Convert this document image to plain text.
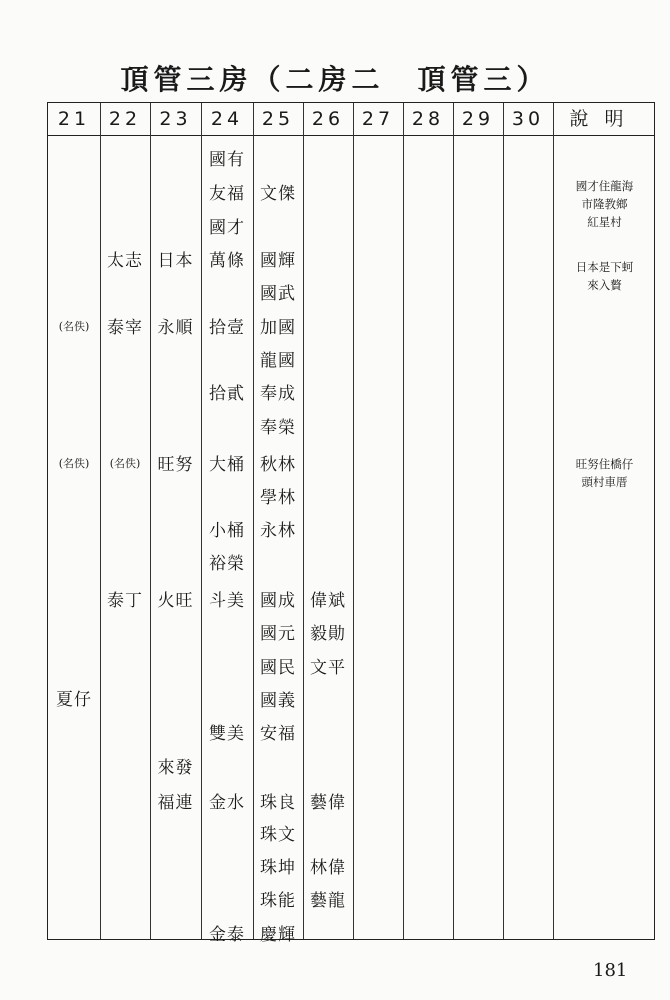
頂管三房（二房二　頂管三）
21 22 23	24 25 26 27 28 29 30	說明
(名佚)
(名佚)
夏仔
太志
泰宰
(名佚)
泰丁
日本
永順
旺努
火旺
來發
福連
國有
友福
國才
萬條
拾壹
拾貳
大桶
小桶
裕榮
斗美
雙美
金水
金泰
文傑
國輝
國武
加國
龍國
奉成
奉榮
秋林
學林
永林
國成
國元
國民
國義
安福
珠良
珠文
珠坤
珠能
慶輝
偉斌
毅勛
文平
藝偉
林偉
藝龍
國才住龍海
市隆教鄉
紅星村
日本是下蚵
來入贅
旺努住橋仔
頭村車厝
181
